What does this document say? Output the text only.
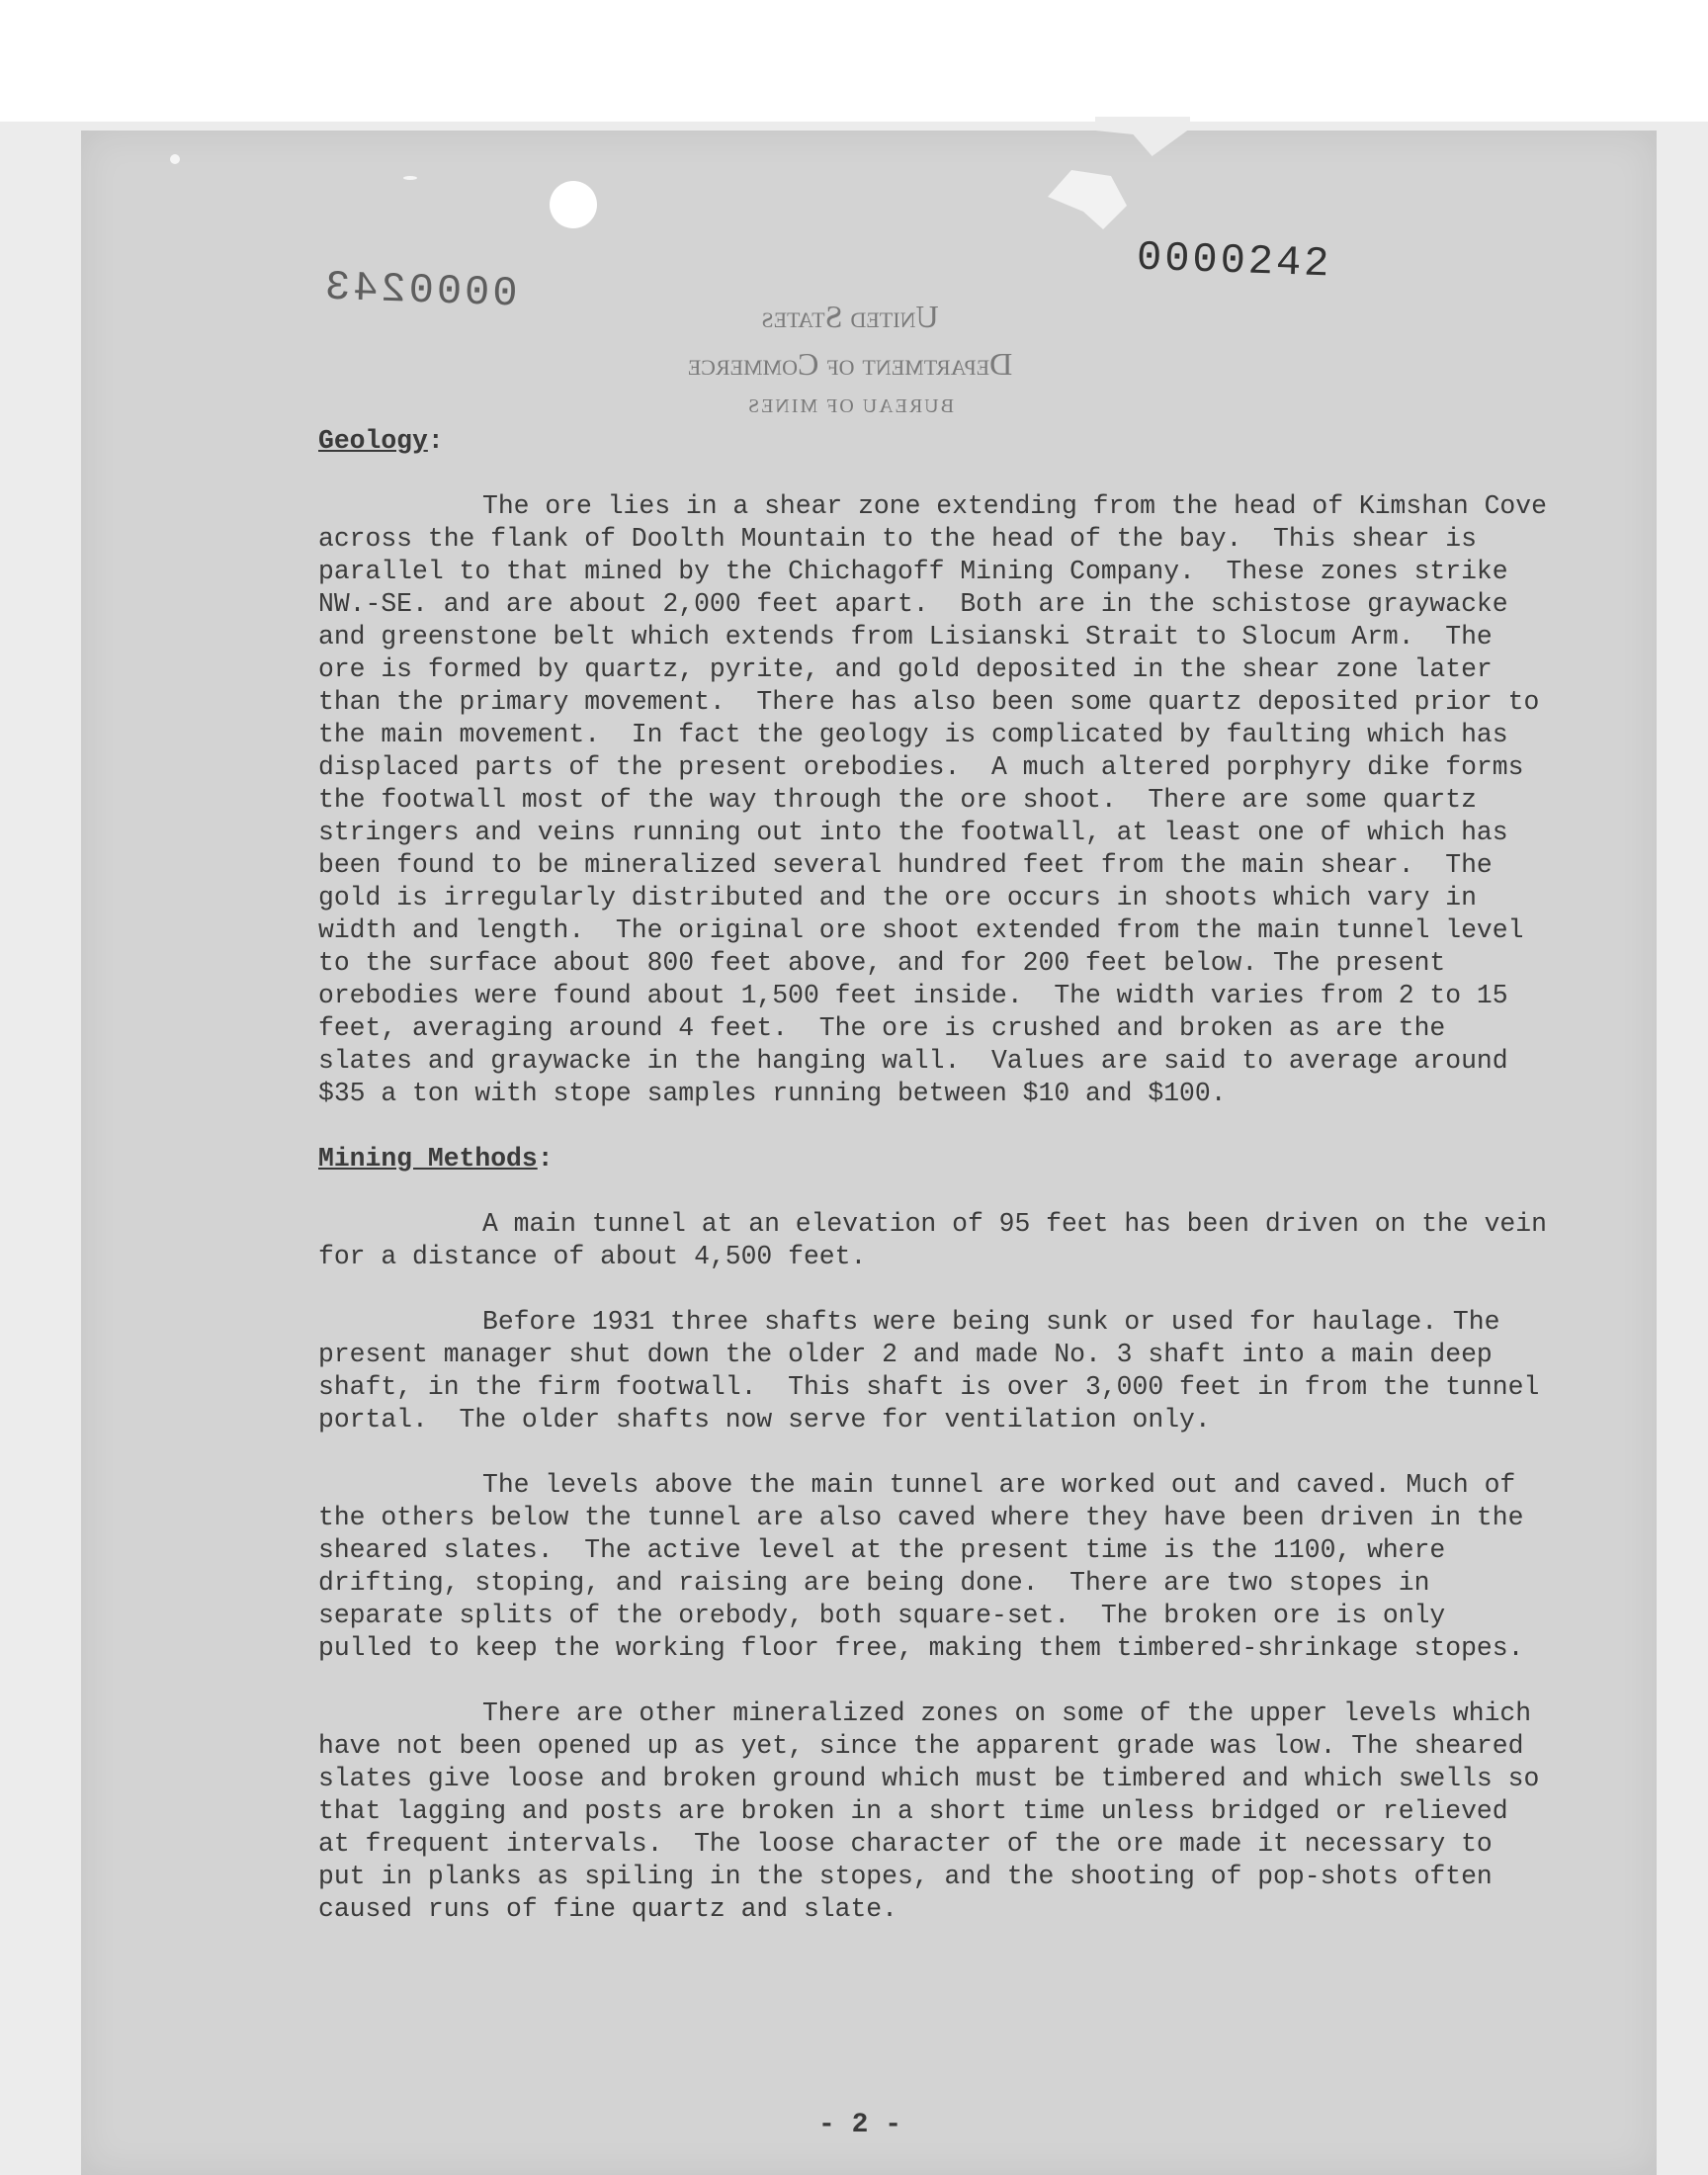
0000243
0000242
United States
Department of Commerce
BUREAU OF MINES
Geology:

The ore lies in a shear zone extending from the head of Kimshan Cove across the flank of Doolth Mountain to the head of the bay.  This shear is parallel to that mined by the Chichagoff Mining Company.  These zones strike NW.-SE. and are about 2,000 feet apart.  Both are in the schistose graywacke and greenstone belt which extends from Lisianski Strait to Slocum Arm.  The ore is formed by quartz, pyrite, and gold deposited in the shear zone later than the primary movement.  There has also been some quartz deposited prior to the main movement.  In fact the geology is complicated by faulting which has displaced parts of the present orebodies.  A much altered porphyry dike forms the footwall most of the way through the ore shoot.  There are some quartz stringers and veins running out into the footwall, at least one of which has been found to be mineralized several hundred feet from the main shear.  The gold is irregularly distributed and the ore occurs in shoots which vary in width and length.  The original ore shoot extended from the main tunnel level to the surface about 800 feet above, and for 200 feet below. The present orebodies were found about 1,500 feet inside.  The width varies from 2 to 15 feet, averaging around 4 feet.  The ore is crushed and broken as are the slates and graywacke in the hanging wall.  Values are said to average around $35 a ton with stope samples running between $10 and $100.

Mining Methods:

A main tunnel at an elevation of 95 feet has been driven on the vein for a distance of about 4,500 feet.

Before 1931 three shafts were being sunk or used for haulage. The present manager shut down the older 2 and made No. 3 shaft into a main deep shaft, in the firm footwall.  This shaft is over 3,000 feet in from the tunnel portal.  The older shafts now serve for ventilation only.

The levels above the main tunnel are worked out and caved. Much of the others below the tunnel are also caved where they have been driven in the sheared slates.  The active level at the present time is the 1100, where drifting, stoping, and raising are being done.  There are two stopes in separate splits of the orebody, both square-set.  The broken ore is only pulled to keep the working floor free, making them timbered-shrinkage stopes.

There are other mineralized zones on some of the upper levels which have not been opened up as yet, since the apparent grade was low. The sheared slates give loose and broken ground which must be timbered and which swells so that lagging and posts are broken in a short time unless bridged or relieved at frequent intervals.  The loose character of the ore made it necessary to put in planks as spiling in the stopes, and the shooting of pop-shots often caused runs of fine quartz and slate.

- 2 -
